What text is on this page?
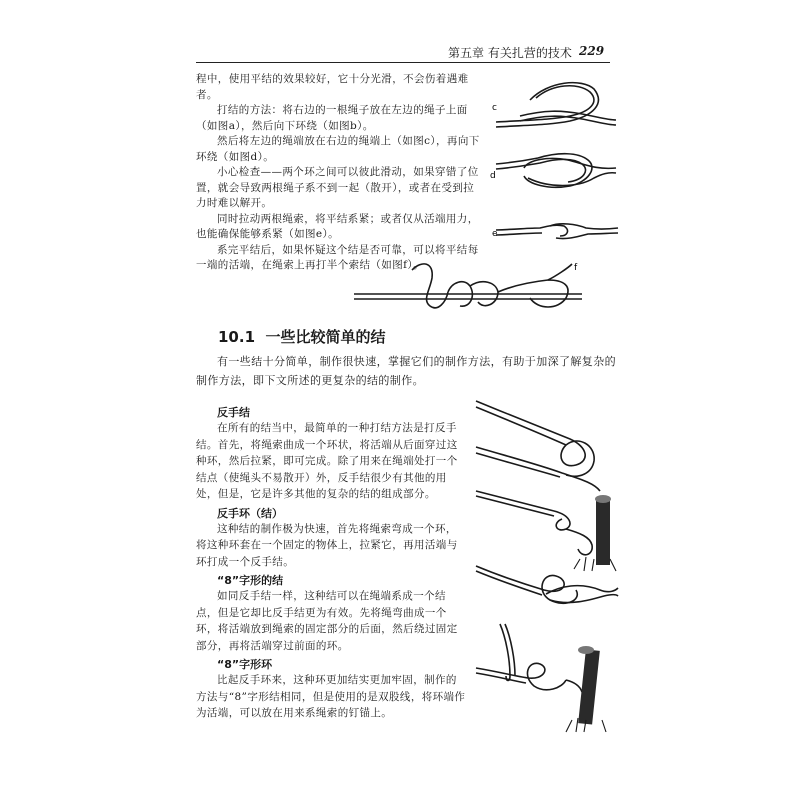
第五章 有关扎营的技术 229

程中，使用平结的效果较好，它十分光滑，不会伤着遇难者。

打结的方法：将右边的一根绳子放在左边的绳子上面（如图a），然后向下环绕（如图b）。

然后将左边的绳端放在右边的绳端上（如图c），再向下环绕（如图d）。

小心检查——两个环之间可以彼此滑动，如果穿错了位置，就会导致两根绳子系不到一起（散开），或者在受到拉力时难以解开。

同时拉动两根绳索，将平结系紧；或者仅从活端用力，也能确保能够系紧（如图e）。

系完平结后，如果怀疑这个结是否可靠，可以将平结每一端的活端，在绳索上再打半个索结（如图f）。

c
d
e
f
10.1 一些比较简单的结

有一些结十分简单，制作很快速，掌握它们的制作方法，有助于加深了解复杂的制作方法，即下文所述的更复杂的结的制作。

反手结

在所有的结当中，最简单的一种打结方法是打反手结。首先，将绳索曲成一个环状，将活端从后面穿过这种环，然后拉紧，即可完成。除了用来在绳端处打一个结点（使绳头不易散开）外，反手结很少有其他的用处，但是，它是许多其他的复杂的结的组成部分。

反手环（结）

这种结的制作极为快速，首先将绳索弯成一个环，将这种环套在一个固定的物体上，拉紧它，再用活端与环打成一个反手结。

“8”字形的结

如同反手结一样，这种结可以在绳端系成一个结点，但是它却比反手结更为有效。先将绳弯曲成一个环，将活端放到绳索的固定部分的后面，然后绕过固定部分，再将活端穿过前面的环。

“8”字形环

比起反手环来，这种环更加结实更加牢固，制作的方法与“8”字形结相同，但是使用的是双股线，将环端作为活端，可以放在用来系绳索的钉锚上。
